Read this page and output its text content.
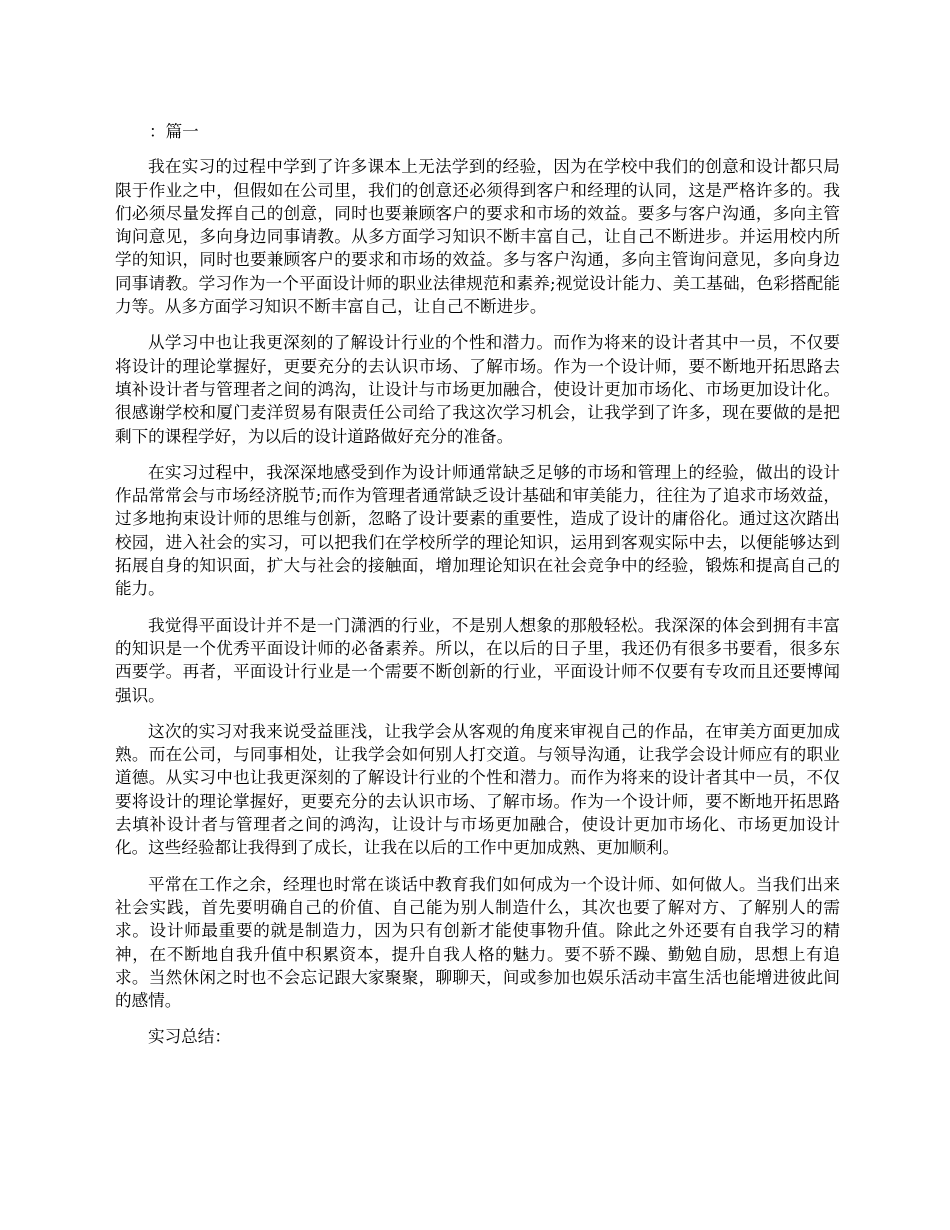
：篇一

我在实习的过程中学到了许多课本上无法学到的经验，因为在学校中我们的创意和设计都只局限于作业之中，但假如在公司里，我们的创意还必须得到客户和经理的认同，这是严格许多的。我们必须尽量发挥自己的创意，同时也要兼顾客户的要求和市场的效益。要多与客户沟通，多向主管询问意见，多向身边同事请教。从多方面学习知识不断丰富自己，让自己不断进步。并运用校内所学的知识，同时也要兼顾客户的要求和市场的效益。多与客户沟通，多向主管询问意见，多向身边同事请教。学习作为一个平面设计师的职业法律规范和素养;视觉设计能力、美工基础，色彩搭配能力等。从多方面学习知识不断丰富自己，让自己不断进步。

从学习中也让我更深刻的了解设计行业的个性和潜力。而作为将来的设计者其中一员，不仅要将设计的理论掌握好，更要充分的去认识市场、了解市场。作为一个设计师，要不断地开拓思路去填补设计者与管理者之间的鸿沟，让设计与市场更加融合，使设计更加市场化、市场更加设计化。很感谢学校和厦门麦洋贸易有限责任公司给了我这次学习机会，让我学到了许多，现在要做的是把剩下的课程学好，为以后的设计道路做好充分的准备。

在实习过程中，我深深地感受到作为设计师通常缺乏足够的市场和管理上的经验，做出的设计作品常常会与市场经济脱节;而作为管理者通常缺乏设计基础和审美能力，往往为了追求市场效益，过多地拘束设计师的思维与创新，忽略了设计要素的重要性，造成了设计的庸俗化。通过这次踏出校园，进入社会的实习，可以把我们在学校所学的理论知识，运用到客观实际中去，以便能够达到拓展自身的知识面，扩大与社会的接触面，增加理论知识在社会竞争中的经验，锻炼和提高自己的能力。

我觉得平面设计并不是一门潇洒的行业，不是别人想象的那般轻松。我深深的体会到拥有丰富的知识是一个优秀平面设计师的必备素养。所以，在以后的日子里，我还仍有很多书要看，很多东西要学。再者，平面设计行业是一个需要不断创新的行业，平面设计师不仅要有专攻而且还要博闻强识。

这次的实习对我来说受益匪浅，让我学会从客观的角度来审视自己的作品，在审美方面更加成熟。而在公司，与同事相处，让我学会如何别人打交道。与领导沟通，让我学会设计师应有的职业道德。从实习中也让我更深刻的了解设计行业的个性和潜力。而作为将来的设计者其中一员，不仅要将设计的理论掌握好，更要充分的去认识市场、了解市场。作为一个设计师，要不断地开拓思路去填补设计者与管理者之间的鸿沟，让设计与市场更加融合，使设计更加市场化、市场更加设计化。这些经验都让我得到了成长，让我在以后的工作中更加成熟、更加顺利。

平常在工作之余，经理也时常在谈话中教育我们如何成为一个设计师、如何做人。当我们出来社会实践，首先要明确自己的价值、自己能为别人制造什么，其次也要了解对方、了解别人的需求。设计师最重要的就是制造力，因为只有创新才能使事物升值。除此之外还要有自我学习的精神，在不断地自我升值中积累资本，提升自我人格的魅力。要不骄不躁、勤勉自励，思想上有追求。当然休闲之时也不会忘记跟大家聚聚，聊聊天，间或参加也娱乐活动丰富生活也能增进彼此间的感情。

实习总结：
